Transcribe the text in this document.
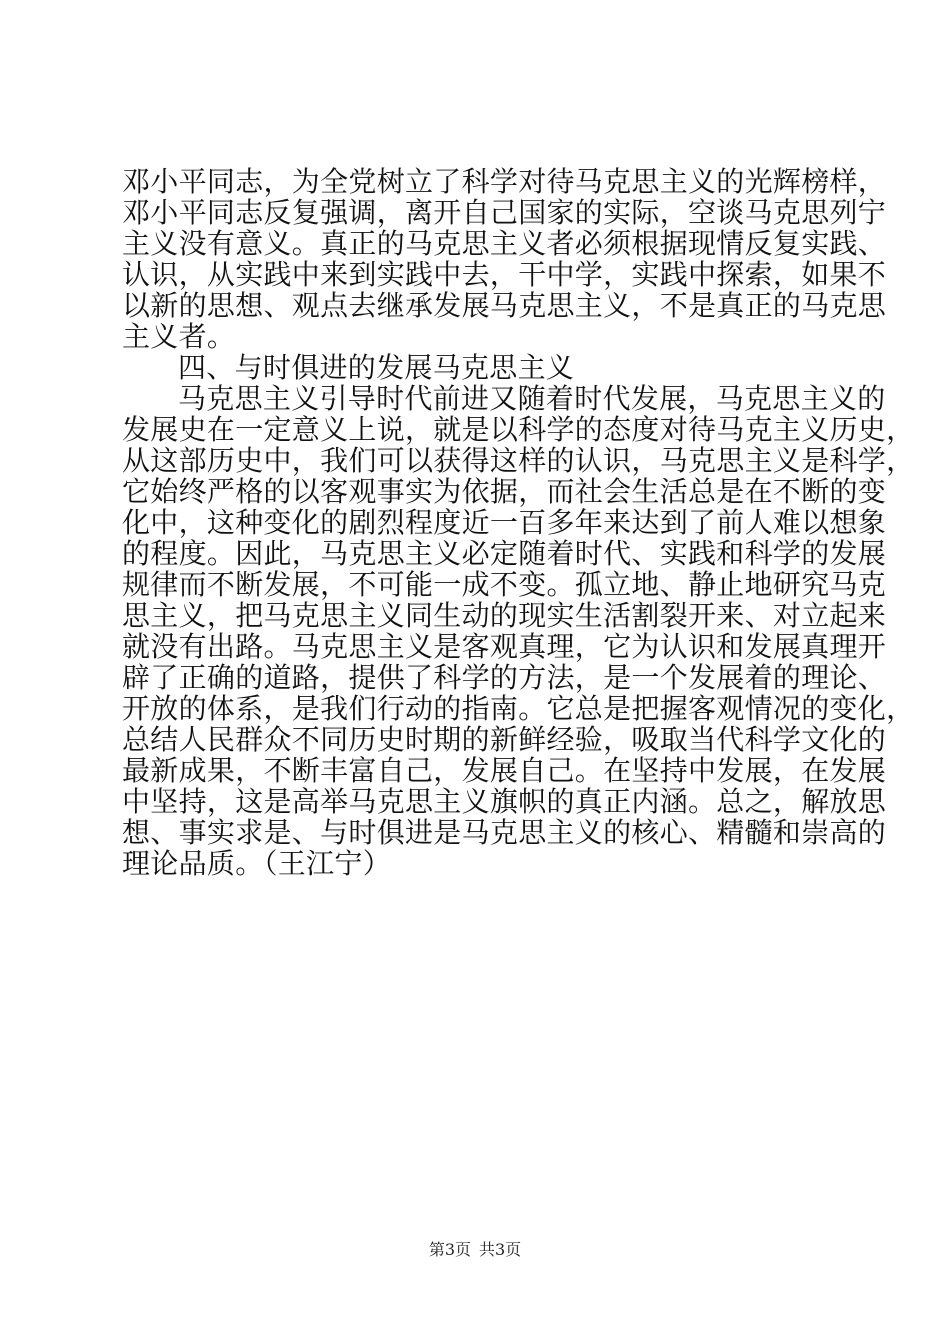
邓小平同志，为全党树立了科学对待马克思主义的光辉榜样，
邓小平同志反复强调，离开自己国家的实际，空谈马克思列宁
主义没有意义。真正的马克思主义者必须根据现情反复实践、
认识，从实践中来到实践中去，干中学，实践中探索，如果不
以新的思想、观点去继承发展马克思主义，不是真正的马克思
主义者。
四、与时俱进的发展马克思主义
马克思主义引导时代前进又随着时代发展，马克思主义的
发展史在一定意义上说，就是以科学的态度对待马克主义历史，
从这部历史中，我们可以获得这样的认识，马克思主义是科学，
它始终严格的以客观事实为依据，而社会生活总是在不断的变
化中，这种变化的剧烈程度近一百多年来达到了前人难以想象
的程度。因此，马克思主义必定随着时代、实践和科学的发展
规律而不断发展，不可能一成不变。孤立地、静止地研究马克
思主义，把马克思主义同生动的现实生活割裂开来、对立起来
就没有出路。马克思主义是客观真理，它为认识和发展真理开
辟了正确的道路，提供了科学的方法，是一个发展着的理论、
开放的体系，是我们行动的指南。它总是把握客观情况的变化，
总结人民群众不同历史时期的新鲜经验，吸取当代科学文化的
最新成果，不断丰富自己，发展自己。在坚持中发展，在发展
中坚持，这是高举马克思主义旗帜的真正内涵。总之，解放思
想、事实求是、与时俱进是马克思主义的核心、精髓和崇高的
理论品质。（王江宁）
第3页 共3页
